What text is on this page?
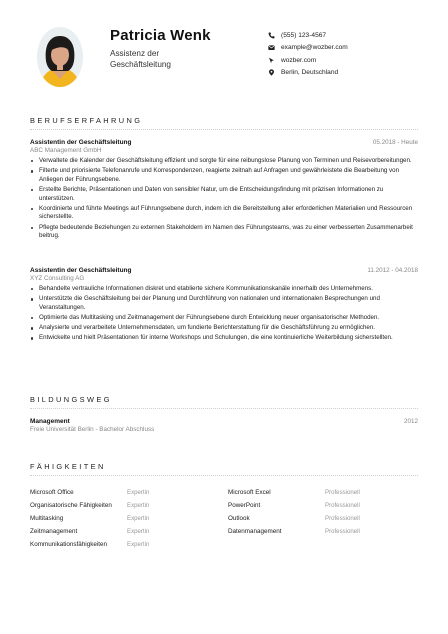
Patricia Wenk
Assistenz der Geschäftsleitung
(555) 123-4567
example@wozber.com
wozber.com
Berlin, Deutschland
BERUFSERFAHRUNG
Assistentin der Geschäftsleitung	05.2018 - Heute
ABC Management GmbH
Verwaltete die Kalender der Geschäftsleitung effizient und sorgte für eine reibungslose Planung von Terminen und Reisevorbereitungen.
Filterte und priorisierte Telefonanrufe und Korrespondenzen, reagierte zeitnah auf Anfragen und gewährleistete die Bearbeitung von Anliegen der Führungsebene.
Erstellte Berichte, Präsentationen und Daten von sensibler Natur, um die Entscheidungsfindung mit präzisen Informationen zu unterstützen.
Koordinierte und führte Meetings auf Führungsebene durch, indem ich die Bereitstellung aller erforderlichen Materialien und Ressourcen sicherstellte.
Pflegte bedeutende Beziehungen zu externen Stakeholdern im Namen des Führungsteams, was zu einer verbesserten Zusammenarbeit beitrug.
Assistentin der Geschäftsleitung	11.2012 - 04.2018
XYZ Consulting AG
Behandelte vertrauliche Informationen diskret und etablierte sichere Kommunikationskanäle innerhalb des Unternehmens.
Unterstützte die Geschäftsleitung bei der Planung und Durchführung von nationalen und internationalen Besprechungen und Veranstaltungen.
Optimierte das Multitasking und Zeitmanagement der Führungsebene durch Entwicklung neuer organisatorischer Methoden.
Analysierte und verarbeitete Unternehmensdaten, um fundierte Berichterstattung für die Geschäftsführung zu ermöglichen.
Entwickelte und hielt Präsentationen für interne Workshops und Schulungen, die eine kontinuierliche Weiterbildung sicherstellten.
BILDUNGSWEG
Management	2012
Freie Universität Berlin - Bachelor Abschluss
FÄHIGKEITEN
Microsoft Office	Expertin
Organisatorische Fähigkeiten	Expertin
Multitasking	Expertin
Zeitmanagement	Expertin
Kommunikationsfähigkeiten	Expertin
Microsoft Excel	Professionell
PowerPoint	Professionell
Outlook	Professionell
Datenmanagement	Professionell
